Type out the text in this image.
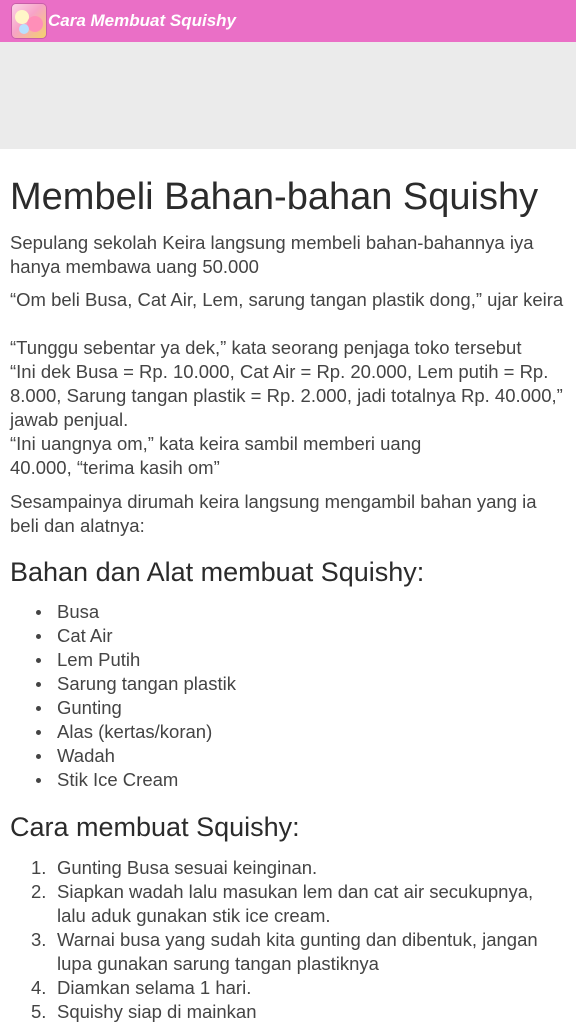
Cara Membuat Squishy
Membeli Bahan-bahan Squishy

Sepulang sekolah Keira langsung membeli bahan-bahannya iya hanya membawa uang 50.000

“Om beli Busa, Cat Air, Lem, sarung tangan plastik dong,” ujar keira

“Tunggu sebentar ya dek,” kata seorang penjaga toko tersebut

“Ini dek Busa = Rp. 10.000, Cat Air = Rp. 20.000, Lem putih = Rp. 8.000, Sarung tangan plastik = Rp. 2.000, jadi totalnya Rp. 40.000,” jawab penjual.

“Ini uangnya om,” kata keira sambil memberi uang

40.000, “terima kasih om”

Sesampainya dirumah keira langsung mengambil bahan yang ia beli dan alatnya:

Bahan dan Alat membuat Squishy:
Busa
Cat Air
Lem Putih
Sarung tangan plastik
Gunting
Alas (kertas/koran)
Wadah
Stik Ice Cream
Cara membuat Squishy:
1. Gunting Busa sesuai keinginan.
2. Siapkan wadah lalu masukan lem dan cat air secukupnya, lalu aduk gunakan stik ice cream.
3. Warnai busa yang sudah kita gunting dan dibentuk, jangan lupa gunakan sarung tangan plastiknya
4. Diamkan selama 1 hari.
5. Squishy siap di mainkan
